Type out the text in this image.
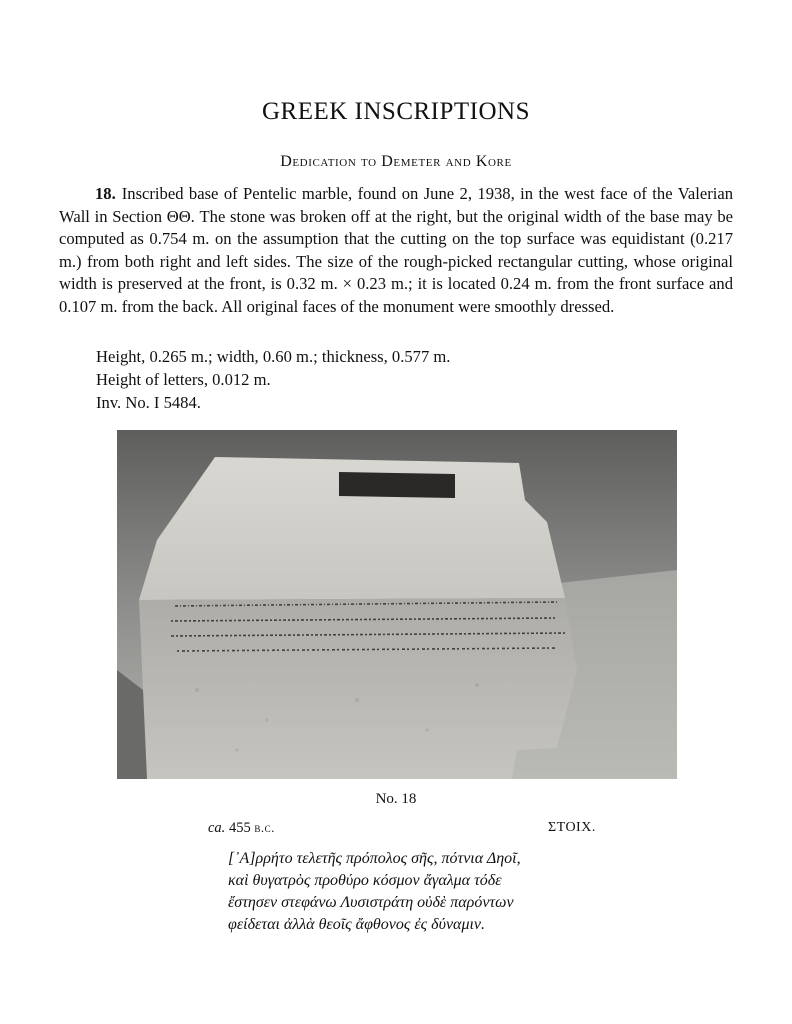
GREEK INSCRIPTIONS
Dedication to Demeter and Kore
18. Inscribed base of Pentelic marble, found on June 2, 1938, in the west face of the Valerian Wall in Section ΘΘ. The stone was broken off at the right, but the original width of the base may be computed as 0.754 m. on the assumption that the cutting on the top surface was equidistant (0.217 m.) from both right and left sides. The size of the rough-picked rectangular cutting, whose original width is preserved at the front, is 0.32 m. × 0.23 m.; it is located 0.24 m. from the front surface and 0.107 m. from the back. All original faces of the monument were smoothly dressed.
Height, 0.265 m.; width, 0.60 m.; thickness, 0.577 m.
Height of letters, 0.012 m.
Inv. No. I 5484.
No. 18
ca. 455 b.c.	ΣΤΟΙΧ.
[᾿Α]ρρήτο τελετῆς πρόπολος σῆς, πότνια Δηοῖ,
καὶ θυγατρὸς προθύρο κόσμον ἄγαλμα τόδε
ἔστησεν στεφάνω Λυσιστράτη οὐδὲ παρόντων
φείδεται ἀλλὰ θεοῖς ἄφθονος ἐς δύναμιν.
